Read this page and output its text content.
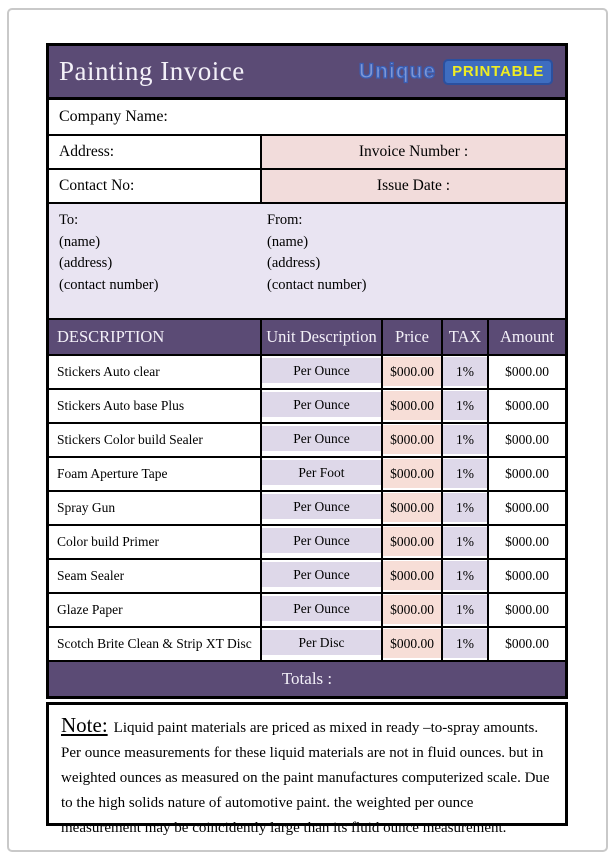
Painting Invoice	Unique	PRINTABLE
Company Name:
Address:	Invoice Number :
Contact No:	Issue Date :
To:
(name)
(address)
(contact number)
From:
(name)
(address)
(contact number)
DESCRIPTION	Unit Description	Price	TAX	Amount
Stickers Auto clear	Per Ounce	$000.00	1%	$000.00
Stickers Auto base Plus	Per Ounce	$000.00	1%	$000.00
Stickers Color build Sealer	Per Ounce	$000.00	1%	$000.00
Foam Aperture Tape	Per Foot	$000.00	1%	$000.00
Spray Gun	Per Ounce	$000.00	1%	$000.00
Color build Primer	Per Ounce	$000.00	1%	$000.00
Seam Sealer	Per Ounce	$000.00	1%	$000.00
Glaze Paper	Per Ounce	$000.00	1%	$000.00
Scotch Brite Clean & Strip XT Disc	Per Disc	$000.00	1%	$000.00
Totals :

Note: Liquid paint materials are priced as mixed in ready –to-spray amounts. Per ounce measurements for these liquid materials are not in fluid ounces. but in weighted ounces as measured on the paint manufactures computerized scale. Due to the high solids nature of automotive paint. the weighted per ounce measurement may be coincidently large than its fluid ounce measurement.
